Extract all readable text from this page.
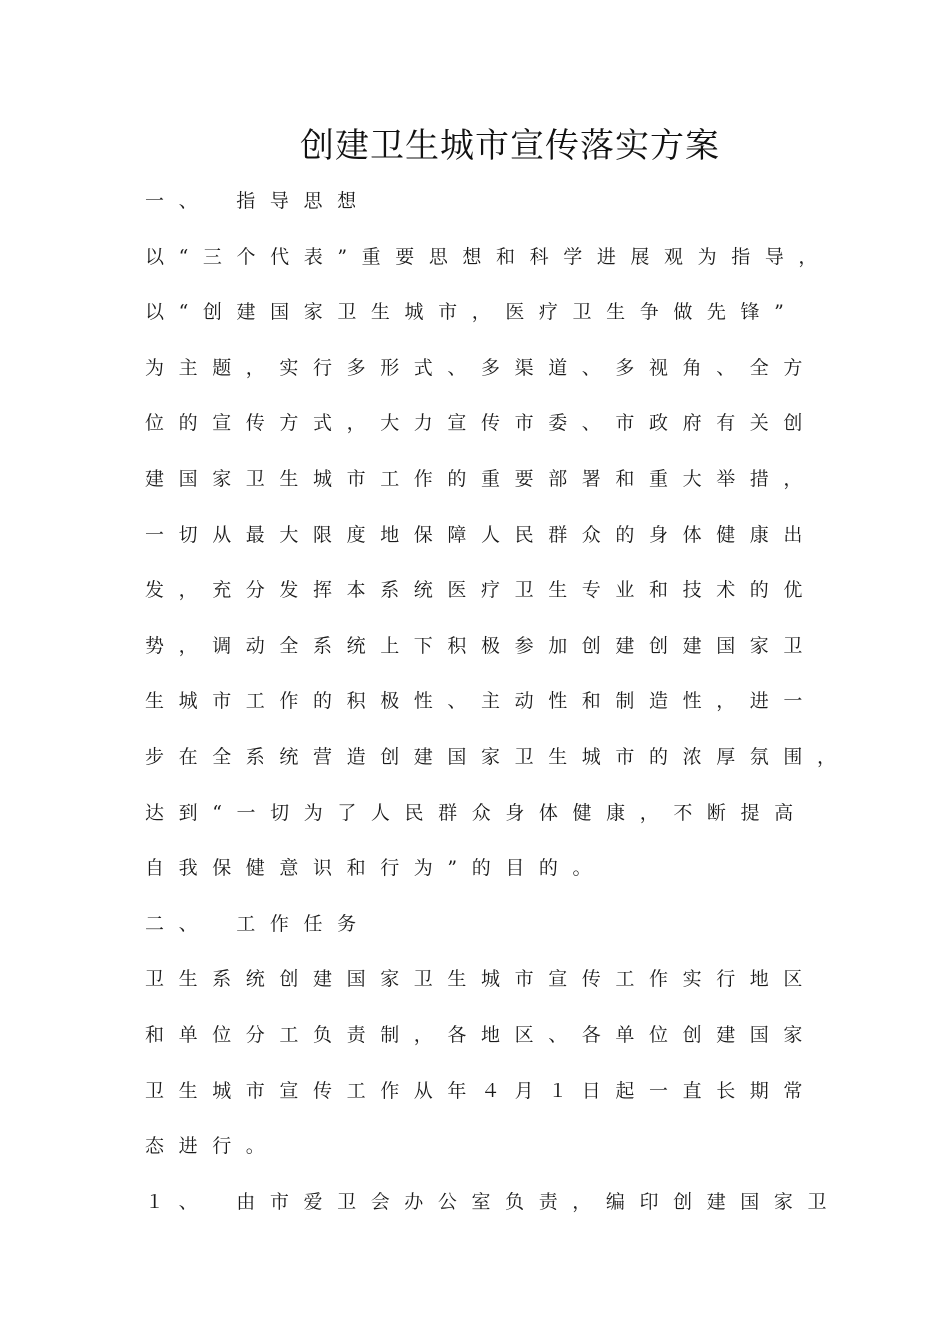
创建卫生城市宣传落实方案
一、　指导思想
以“三个代表”重要思想和科学进展观为指导，
以“创建国家卫生城市，医疗卫生争做先锋”
为主题，实行多形式、多渠道、多视角、全方
位的宣传方式，大力宣传市委、市政府有关创
建国家卫生城市工作的重要部署和重大举措，
一切从最大限度地保障人民群众的身体健康出
发，充分发挥本系统医疗卫生专业和技术的优
势，调动全系统上下积极参加创建创建国家卫
生城市工作的积极性、主动性和制造性，进一
步在全系统营造创建国家卫生城市的浓厚氛围，
达到“一切为了人民群众身体健康，不断提高
自我保健意识和行为”的目的。
二、　工作任务
卫生系统创建国家卫生城市宣传工作实行地区
和单位分工负责制，各地区、各单位创建国家
卫生城市宣传工作从年４月１日起一直长期常
态进行。
１、　由市爱卫会办公室负责，编印创建国家卫
